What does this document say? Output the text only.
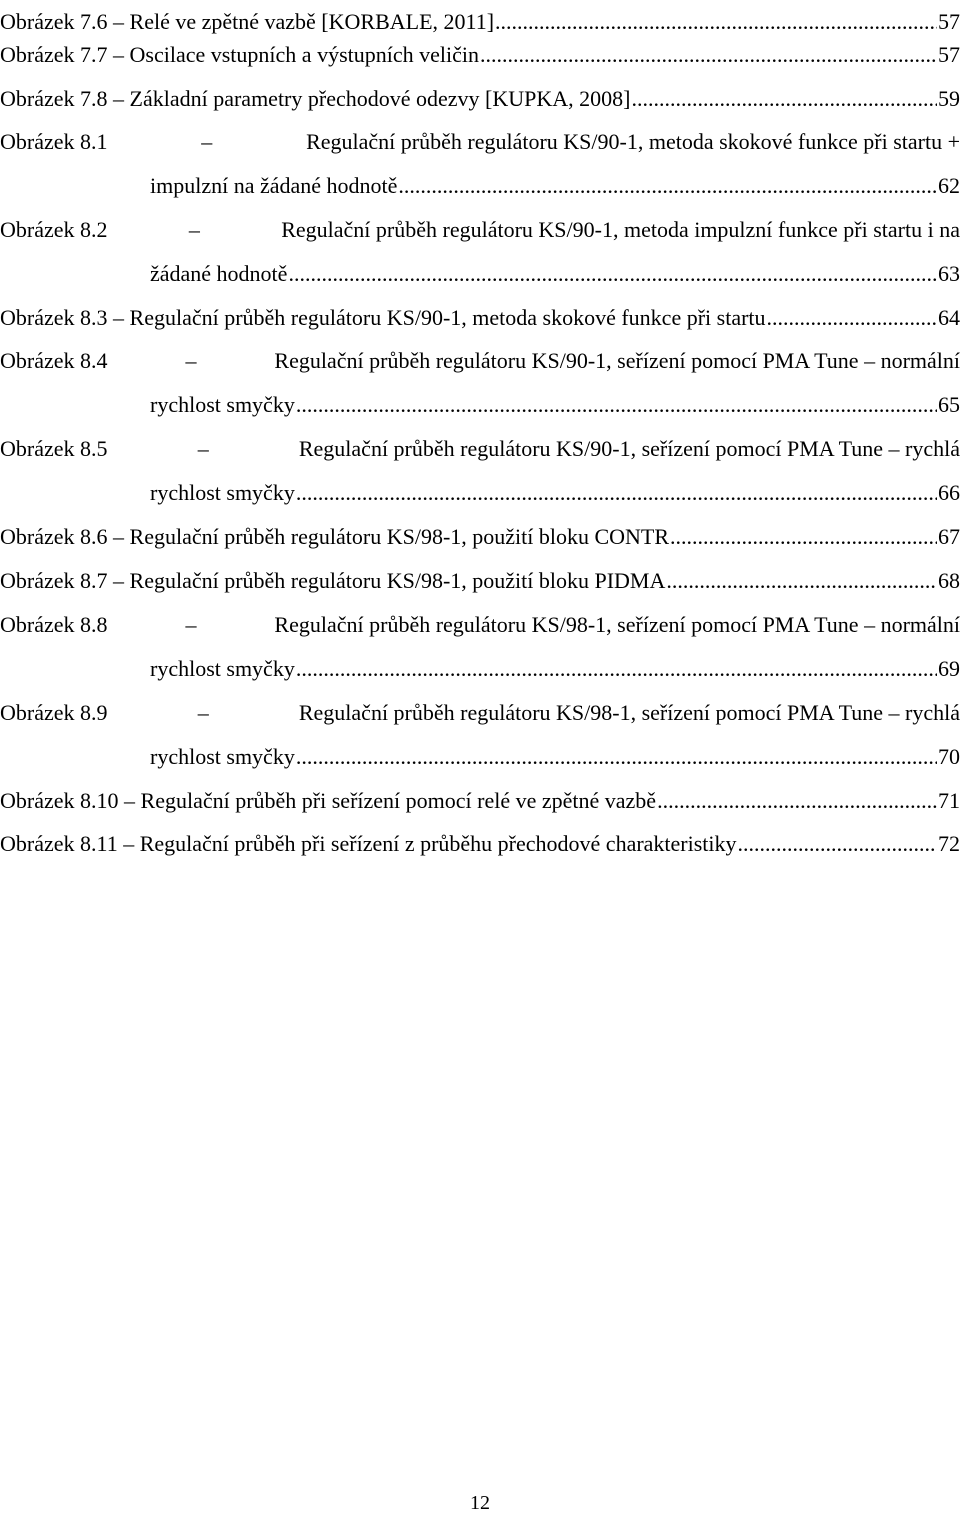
Obrázek 7.6 – Relé ve zpětné vazbě [KORBALE, 2011] .....	57
Obrázek 7.7 – Oscilace vstupních a výstupních veličin .....	57
Obrázek 7.8 – Základní parametry přechodové odezvy [KUPKA, 2008] .....	59
Obrázek 8.1	–	Regulační průběh regulátoru KS/90-1, metoda skokové funkce při startu +
impulzní na žádané hodnotě .....	62
Obrázek 8.2	–	Regulační průběh regulátoru KS/90-1, metoda impulzní funkce při startu i na
žádané hodnotě .....	63
Obrázek 8.3 – Regulační průběh regulátoru KS/90-1, metoda skokové funkce při startu .....	64
Obrázek 8.4	–	Regulační průběh regulátoru KS/90-1, seřízení pomocí PMA Tune – normální
rychlost smyčky .....	65
Obrázek 8.5	–	Regulační průběh regulátoru KS/90-1, seřízení pomocí PMA Tune – rychlá
rychlost smyčky .....	66
Obrázek 8.6 – Regulační průběh regulátoru KS/98-1, použití bloku CONTR .....	67
Obrázek 8.7 – Regulační průběh regulátoru KS/98-1, použití bloku PIDMA .....	68
Obrázek 8.8	–	Regulační průběh regulátoru KS/98-1, seřízení pomocí PMA Tune – normální
rychlost smyčky .....	69
Obrázek 8.9	–	Regulační průběh regulátoru KS/98-1, seřízení pomocí PMA Tune – rychlá
rychlost smyčky .....	70
Obrázek 8.10 – Regulační průběh při seřízení pomocí relé ve zpětné vazbě .....	71
Obrázek 8.11 – Regulační průběh při seřízení z průběhu přechodové charakteristiky .....	72
12
